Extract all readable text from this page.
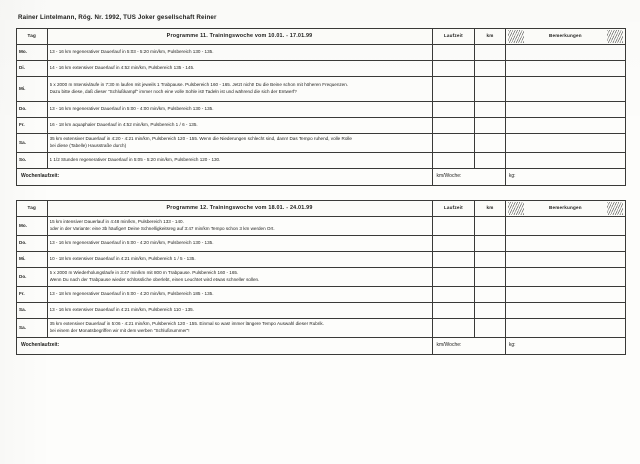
Rainer Lintelmann, Rög. Nr. 1992, TUS Joker gesellschaft Reiner
Tag	Programme 11. Trainingswoche vom 10.01. - 17.01.99	Laufzeit	km	Bemerkungen

Mo.	13 - 16 km regenerativer Dauerlauf in 5:03 - 5:20 min/km, Pulsbereich 130 - 135.			

Di.	14 - 16 km extensiver Dauerlauf in 4:52 min/km, Pulsbereich 135 - 145.			

Mi.	5 x 2000 m Intensivläufe in 7:30 m laufen mit jeweils 1 Trabpause. Pulsbereich 160 - 165. Jetzt nicht! Du die Beine schon mit höheren Frequenzen.
Dazu bitte diese, daß dieser "Schlußkampf" immer noch eine volle Sohle ist! Tadeln ist und während die sich der Entwerf?			

Do.	13 - 16 km regenerativer Dauerlauf in 5:00 - 4:00 min/km, Pulsbereich 130 - 135.			

Fr.	16 - 18 km aquaphaler Dauerlauf in 4:52 min/km, Pulsbereich 1 / 6 - 135.			

Sa.	35 km extensiver Dauerlauf in 4:20 - 4:21 min/km, Pulsbereich 120 - 155. Wenn die Niederungen schlecht sind, dann! Das Tempo ruhend, volle Rolle
bei diese (Tabelle) Hausstraße durch)			

So.	1 1/2 Stunden regenerativer Dauerlauf in 5:05 - 5:20 min/km, Pulsbereich 120 - 130.			

Wochenlaufzeit:		km/Woche:		kg:
Tag	Programme 12. Trainingswoche vom 18.01. - 24.01.99	Laufzeit	km	Bemerkungen

Mo.	15 km intensiver Dauerlauf in 4:48 min/km, Pulsbereich 133 - 140.
oder in der Variante: eine 3b häufiger! Deine Schnelligkeitsreg auf 3:47 min/km Tempo schon 3 km werden Ort.			

Do.	13 - 16 km regenerativer Dauerlauf in 5:00 - 4:20 min/km, Pulsbereich 130 - 135.			

Mi.	10 - 18 km extensiver Dauerlauf in 4:21 min/km, Pulsbereich 1 / 5 - 135.			

Do.	5 x 2000 m Wiederholungsläufe in 3:47 min/km mit 800 m Trabpause. Pulsbereich 160 - 165.
Wenn Du nach der Trabpause wieder schlüssliche oberlebt, einen Leuchtet wird etwas schneller sollen.			

Fr.	13 - 18 km regenerativer Dauerlauf in 5:00 - 4:20 min/km, Pulsbereich 185 - 135.			

Sa.	13 - 16 km extensiver Dauerlauf in 4:21 min/km, Pulsbereich 110 - 135.			

Sa.	35 km extensiver Dauerlauf in 5:06 - 4:21 min/km, Pulsbereich 120 - 155. Einmal so was! immer längere Tempo Auswahl dieser Rubrik.
bei einem der Monatsbegriffen wir mit dem werben "Schlußnummer"!			

Wochenlaufzeit:		km/Woche:		kg:
